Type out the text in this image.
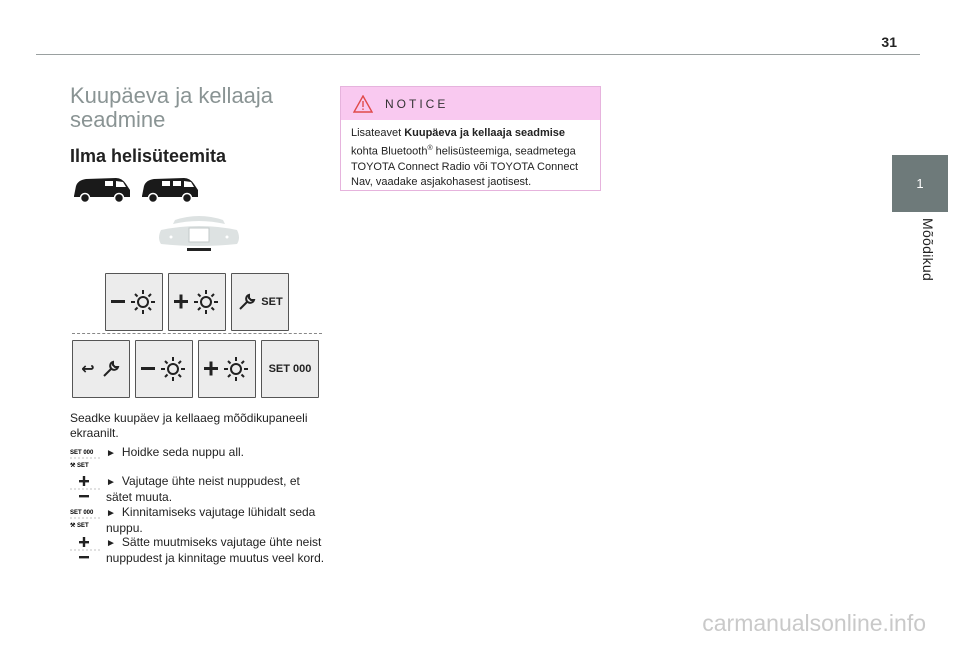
31
1
Mõõdikud
Kuupäeva ja kellaaja seadmine
Ilma helisüteemita
SET
↩	SET 000

Seadke kuupäev ja kellaaeg mõõdikupaneeli ekraanilt.

SET 000
⚒ SET
► Hoidke seda nuppu all.
► Vajutage ühte neist nuppudest, et sätet muuta.
SET 000
⚒ SET
► Kinnitamiseks vajutage lühidalt seda nuppu.
► Sätte muutmiseks vajutage ühte neist nuppudest ja kinnitage muutus veel kord.
NOTICE
Lisateavet Kuupäeva ja kellaaja seadmise kohta Bluetooth® helisüsteemiga, seadmetega TOYOTA Connect Radio või TOYOTA Connect Nav, vaadake asjakohasest jaotisest.
carmanualsonline.info
